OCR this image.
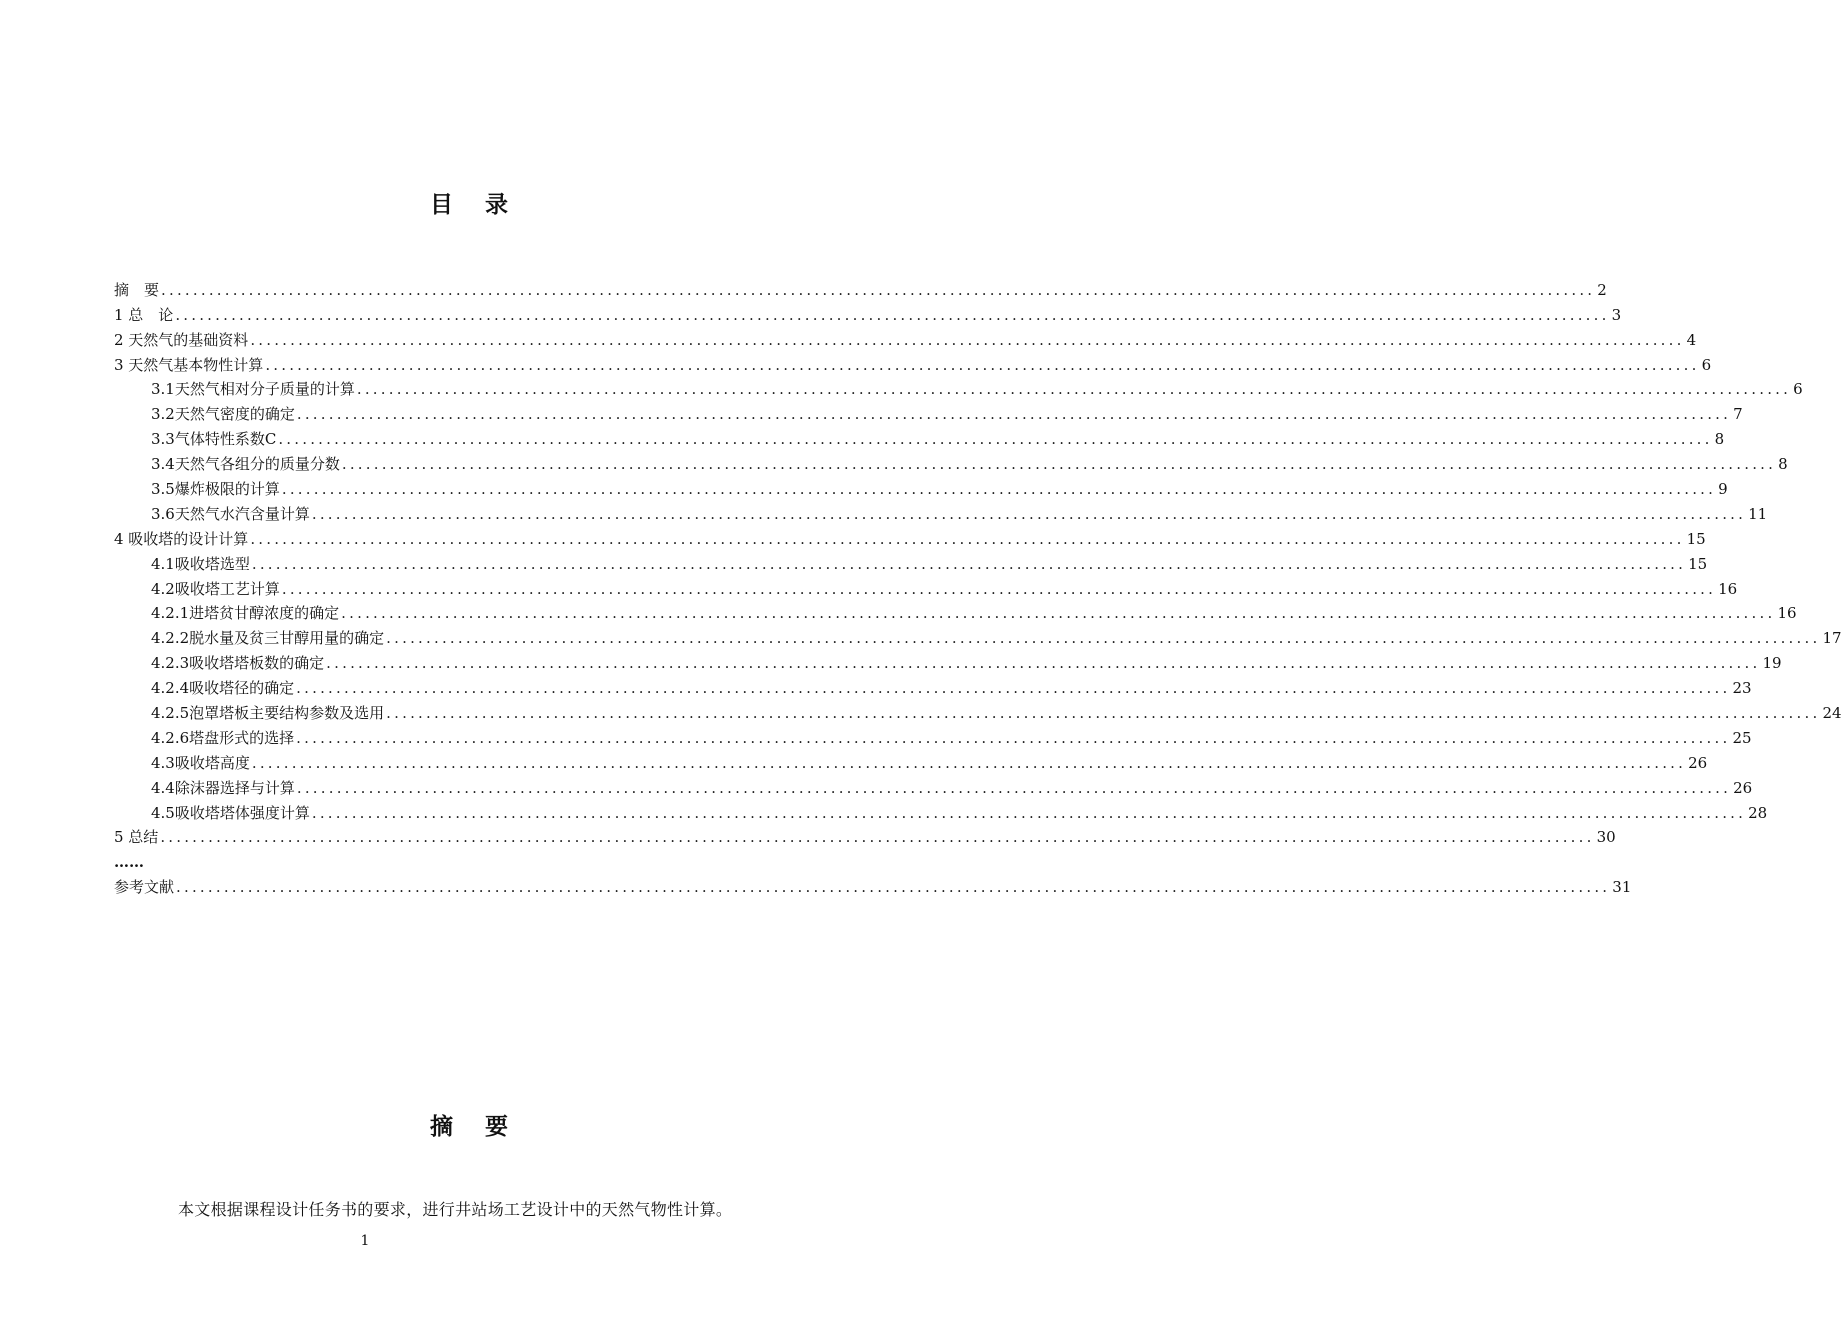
目 录
摘　要 .................................................................................................................................................................................... 2
1 总　论 .................................................................................................................................................................................... 3
2 天然气的基础资料 .................................................................................................................................................................................... 4
3 天然气基本物性计算 .................................................................................................................................................................................... 6
3.1天然气相对分子质量的计算 .................................................................................................................................................................................... 6
3.2天然气密度的确定 .................................................................................................................................................................................... 7
3.3气体特性系数C .................................................................................................................................................................................... 8
3.4天然气各组分的质量分数 .................................................................................................................................................................................... 8
3.5爆炸极限的计算 .................................................................................................................................................................................... 9
3.6天然气水汽含量计算 .................................................................................................................................................................................... 11
4 吸收塔的设计计算 .................................................................................................................................................................................... 15
4.1吸收塔选型 .................................................................................................................................................................................... 15
4.2吸收塔工艺计算 .................................................................................................................................................................................... 16
4.2.1进塔贫甘醇浓度的确定 .................................................................................................................................................................................... 16
4.2.2脱水量及贫三甘醇用量的确定 .................................................................................................................................................................................... 17
4.2.3吸收塔塔板数的确定 .................................................................................................................................................................................... 19
4.2.4吸收塔径的确定 .................................................................................................................................................................................... 23
4.2.5泡罩塔板主要结构参数及选用 .................................................................................................................................................................................... 24
4.2.6塔盘形式的选择 .................................................................................................................................................................................... 25
4.3吸收塔高度 .................................................................................................................................................................................... 26
4.4除沫器选择与计算 .................................................................................................................................................................................... 26
4.5吸收塔塔体强度计算 .................................................................................................................................................................................... 28
5 总结 .................................................................................................................................................................................... 30
……
参考文献 .................................................................................................................................................................................... 31
摘 要
本文根据课程设计任务书的要求，进行井站场工艺设计中的天然气物性计算。
1
